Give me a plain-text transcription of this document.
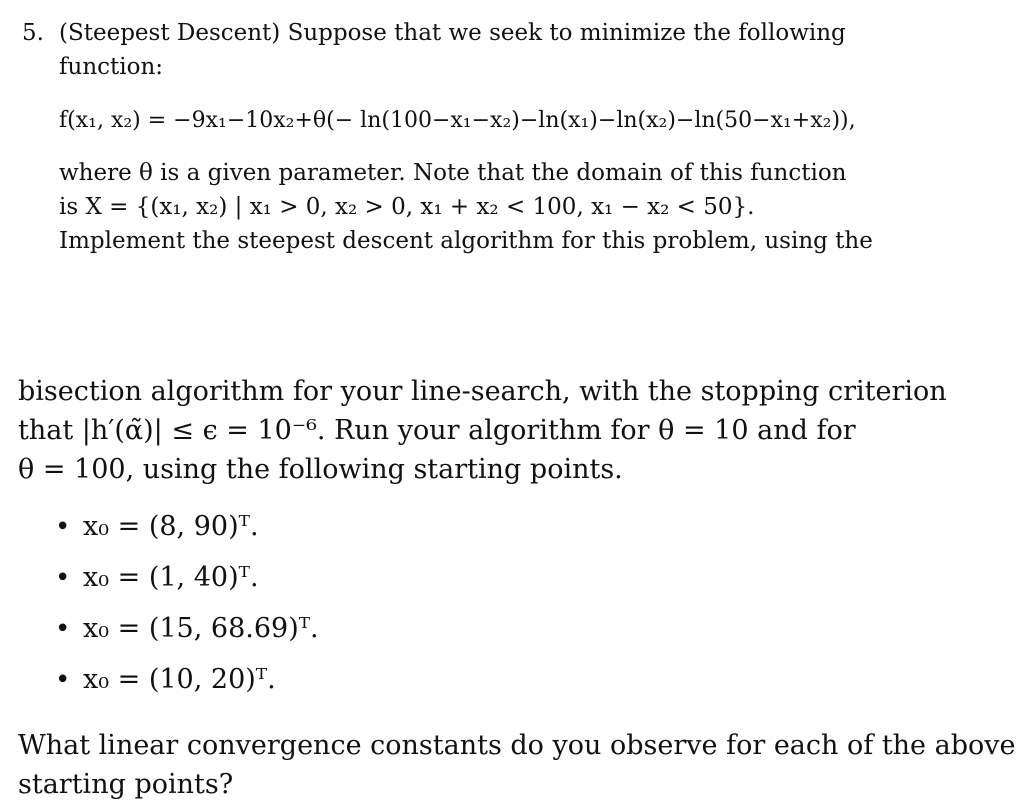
5. (Steepest Descent) Suppose that we seek to minimize the following
function:
f(x₁, x₂) = −9x₁−10x₂+θ(− ln(100−x₁−x₂)−ln(x₁)−ln(x₂)−ln(50−x₁+x₂)),
where θ is a given parameter. Note that the domain of this function
is X = {(x₁, x₂) | x₁ > 0, x₂ > 0, x₁ + x₂ < 100, x₁ − x₂ < 50}.
Implement the steepest descent algorithm for this problem, using the
bisection algorithm for your line-search, with the stopping criterion
that |h′(α̃)| ≤ ϵ = 10⁻⁶. Run your algorithm for θ = 10 and for
θ = 100, using the following starting points.
• x₀ = (8, 90)ᵀ.
• x₀ = (1, 40)ᵀ.
• x₀ = (15, 68.69)ᵀ.
• x₀ = (10, 20)ᵀ.
What linear convergence constants do you observe for each of the above
starting points?
